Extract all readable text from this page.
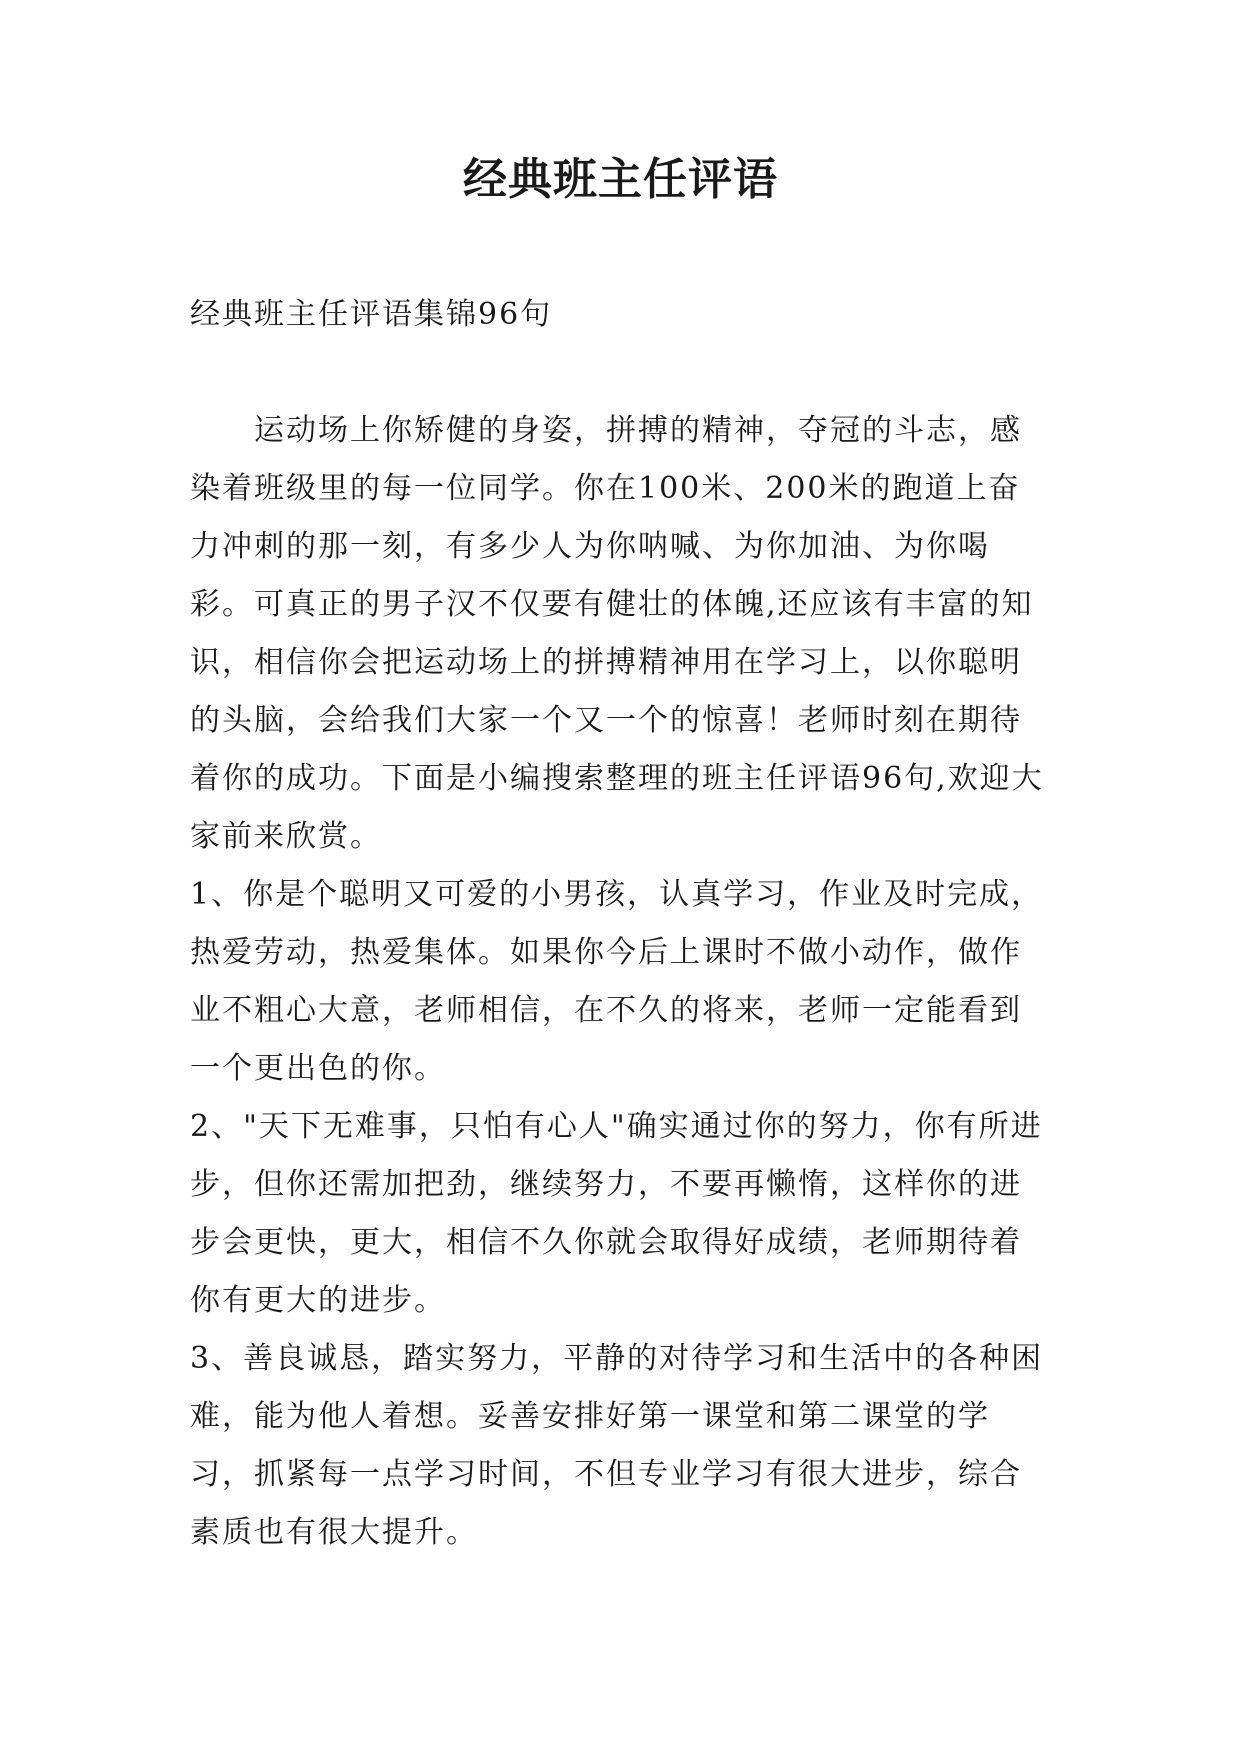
经典班主任评语

经典班主任评语集锦96句

运动场上你矫健的身姿，拼搏的精神，夺冠的斗志，感染着班级里的每一位同学。你在100米、200米的跑道上奋力冲刺的那一刻，有多少人为你呐喊、为你加油、为你喝彩。可真正的男子汉不仅要有健壮的体魄,还应该有丰富的知识，相信你会把运动场上的拼搏精神用在学习上，以你聪明的头脑，会给我们大家一个又一个的惊喜！老师时刻在期待着你的成功。下面是小编搜索整理的班主任评语96句,欢迎大家前来欣赏。

1、你是个聪明又可爱的小男孩，认真学习，作业及时完成，热爱劳动，热爱集体。如果你今后上课时不做小动作，做作业不粗心大意，老师相信，在不久的将来，老师一定能看到一个更出色的你。

2、"天下无难事，只怕有心人"确实通过你的努力，你有所进步，但你还需加把劲，继续努力，不要再懒惰，这样你的进步会更快，更大，相信不久你就会取得好成绩，老师期待着你有更大的进步。

3、善良诚恳，踏实努力，平静的对待学习和生活中的各种困难，能为他人着想。妥善安排好第一课堂和第二课堂的学习，抓紧每一点学习时间，不但专业学习有很大进步，综合素质也有很大提升。
